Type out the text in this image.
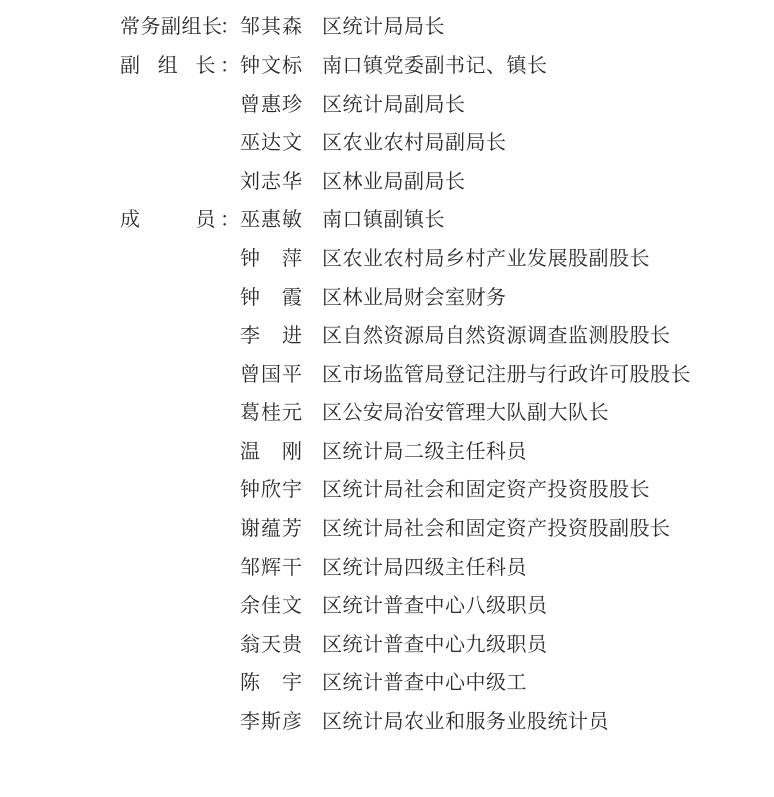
常务副组长
： 邹其森 区统计局局长
副组长 ： 钟文标 南口镇党委副书记、镇长
曾惠珍 区统计局副局长
巫达文 区农业农村局副局长
刘志华 区林业局副局长
成员 ： 巫惠敏 南口镇副镇长
钟萍 区农业农村局乡村产业发展股副股长
钟霞 区林业局财会室财务
李进 区自然资源局自然资源调查监测股股长
曾国平 区市场监管局登记注册与行政许可股股长
葛桂元 区公安局治安管理大队副大队长
温刚 区统计局二级主任科员
钟欣宇 区统计局社会和固定资产投资股股长
谢蕴芳 区统计局社会和固定资产投资股副股长
邹辉干 区统计局四级主任科员
余佳文 区统计普查中心八级职员
翁天贵 区统计普查中心九级职员
陈宇 区统计普查中心中级工
李斯彦 区统计局农业和服务业股统计员
